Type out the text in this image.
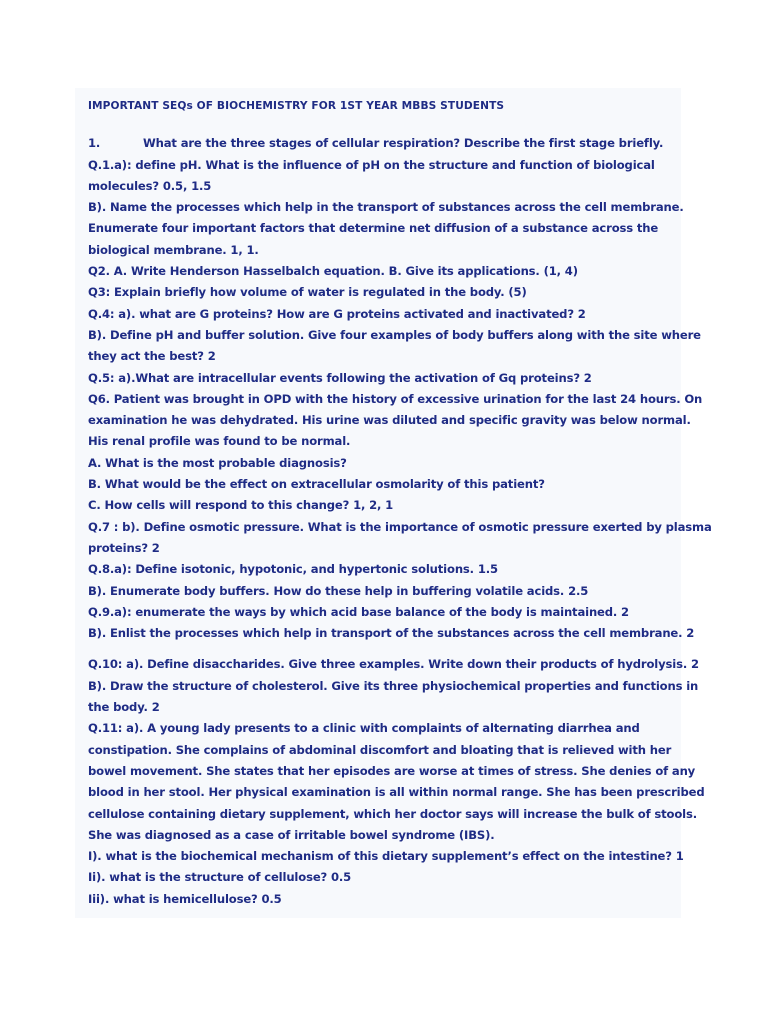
IMPORTANT SEQs OF BIOCHEMISTRY FOR 1ST YEAR MBBS STUDENTS
1.	What are the three stages of cellular respiration? Describe the first stage briefly.
Q.1.a): define pH. What is the influence of pH on the structure and function of biological
molecules? 0.5, 1.5
B). Name the processes which help in the transport of substances across the cell membrane.
Enumerate four important factors that determine net diffusion of a substance across the
biological membrane. 1, 1.
Q2. A. Write Henderson Hasselbalch equation. B. Give its applications. (1, 4)
Q3: Explain briefly how volume of water is regulated in the body. (5)
Q.4: a). what are G proteins? How are G proteins activated and inactivated? 2
B). Define pH and buffer solution. Give four examples of body buffers along with the site where
they act the best? 2
Q.5: a).What are intracellular events following the activation of Gq proteins? 2
Q6. Patient was brought in OPD with the history of excessive urination for the last 24 hours. On
examination he was dehydrated. His urine was diluted and specific gravity was below normal.
His renal profile was found to be normal.
A. What is the most probable diagnosis?
B. What would be the effect on extracellular osmolarity of this patient?
C. How cells will respond to this change? 1, 2, 1
Q.7 : b). Define osmotic pressure. What is the importance of osmotic pressure exerted by plasma
proteins? 2
Q.8.a): Define isotonic, hypotonic, and hypertonic solutions. 1.5
B). Enumerate body buffers. How do these help in buffering volatile acids. 2.5
Q.9.a): enumerate the ways by which acid base balance of the body is maintained. 2
B). Enlist the processes which help in transport of the substances across the cell membrane. 2
Q.10: a). Define disaccharides. Give three examples. Write down their products of hydrolysis. 2
B). Draw the structure of cholesterol. Give its three physiochemical properties and functions in
the body. 2
Q.11: a). A young lady presents to a clinic with complaints of alternating diarrhea and
constipation. She complains of abdominal discomfort and bloating that is relieved with her
bowel movement. She states that her episodes are worse at times of stress. She denies of any
blood in her stool. Her physical examination is all within normal range. She has been prescribed
cellulose containing dietary supplement, which her doctor says will increase the bulk of stools.
She was diagnosed as a case of irritable bowel syndrome (IBS).
I). what is the biochemical mechanism of this dietary supplement’s effect on the intestine? 1
Ii). what is the structure of cellulose? 0.5
Iii). what is hemicellulose? 0.5
